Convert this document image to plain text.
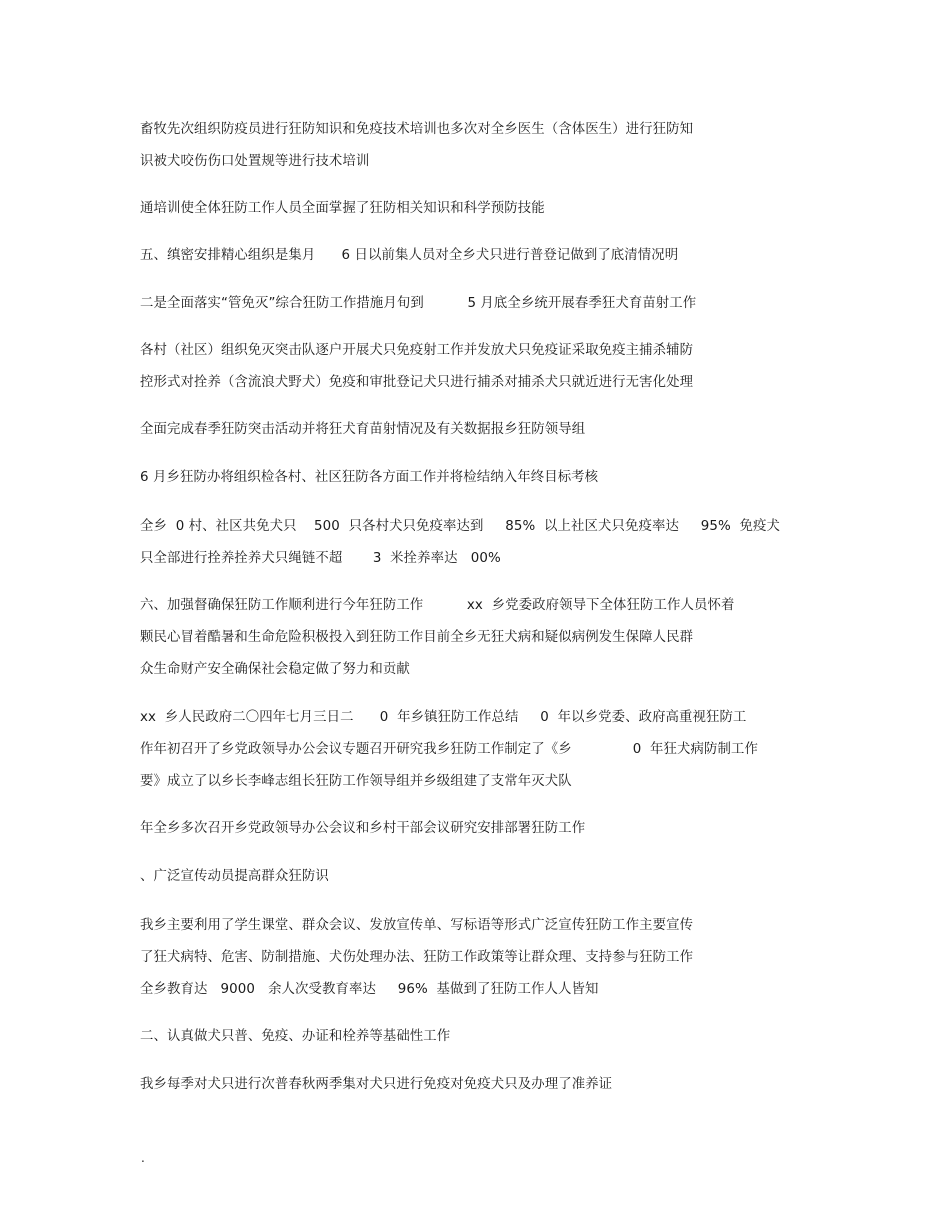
畜牧先次组织防疫员进行狂防知识和免疫技术培训也多次对全乡医生（含体医生）进行狂防知
识被犬咬伤伤口处置规等进行技术培训
通培训使全体狂防工作人员全面掌握了狂防相关知识和科学预防技能
五、缜密安排精心组织是集月      6 日以前集人员对全乡犬只进行普登记做到了底清情况明
二是全面落实“管免灭”综合狂防工作措施月旬到          5 月底全乡统开展春季狂犬育苗射工作
各村（社区）组织免灭突击队逐户开展犬只免疫射工作并发放犬只免疫证采取免疫主捕杀辅防
控形式对拴养（含流浪犬野犬）免疫和审批登记犬只进行捕杀对捕杀犬只就近进行无害化处理
全面完成春季狂防突击活动并将狂犬育苗射情况及有关数据报乡狂防领导组
6 月乡狂防办将组织检各村、社区狂防各方面工作并将检结纳入年终目标考核
全乡  0 村、社区共免犬只    500  只各村犬只免疫率达到     85%  以上社区犬只免疫率达     95%  免疫犬
只全部进行拴养拴养犬只绳链不超       3  米拴养率达   00%
六、加强督确保狂防工作顺利进行今年狂防工作          xx  乡党委政府领导下全体狂防工作人员怀着
颗民心冒着酷暑和生命危险积极投入到狂防工作目前全乡无狂犬病和疑似病例发生保障人民群
众生命财产安全确保社会稳定做了努力和贡献
xx  乡人民政府二〇四年七月三日二      0  年乡镇狂防工作总结     0  年以乡党委、政府高重视狂防工
作年初召开了乡党政领导办公会议专题召开研究我乡狂防工作制定了《乡              0  年狂犬病防制工作
要》成立了以乡长李峰志组长狂防工作领导组并乡级组建了支常年灭犬队
年全乡多次召开乡党政领导办公会议和乡村干部会议研究安排部署狂防工作
、广泛宣传动员提高群众狂防识
我乡主要利用了学生课堂、群众会议、发放宣传单、写标语等形式广泛宣传狂防工作主要宣传
了狂犬病特、危害、防制措施、犬伤处理办法、狂防工作政策等让群众理、支持参与狂防工作
全乡教育达   9000   余人次受教育率达     96%  基做到了狂防工作人人皆知
二、认真做犬只普、免疫、办证和栓养等基础性工作
我乡每季对犬只进行次普春秋两季集对犬只进行免疫对免疫犬只及办理了准养证
.
